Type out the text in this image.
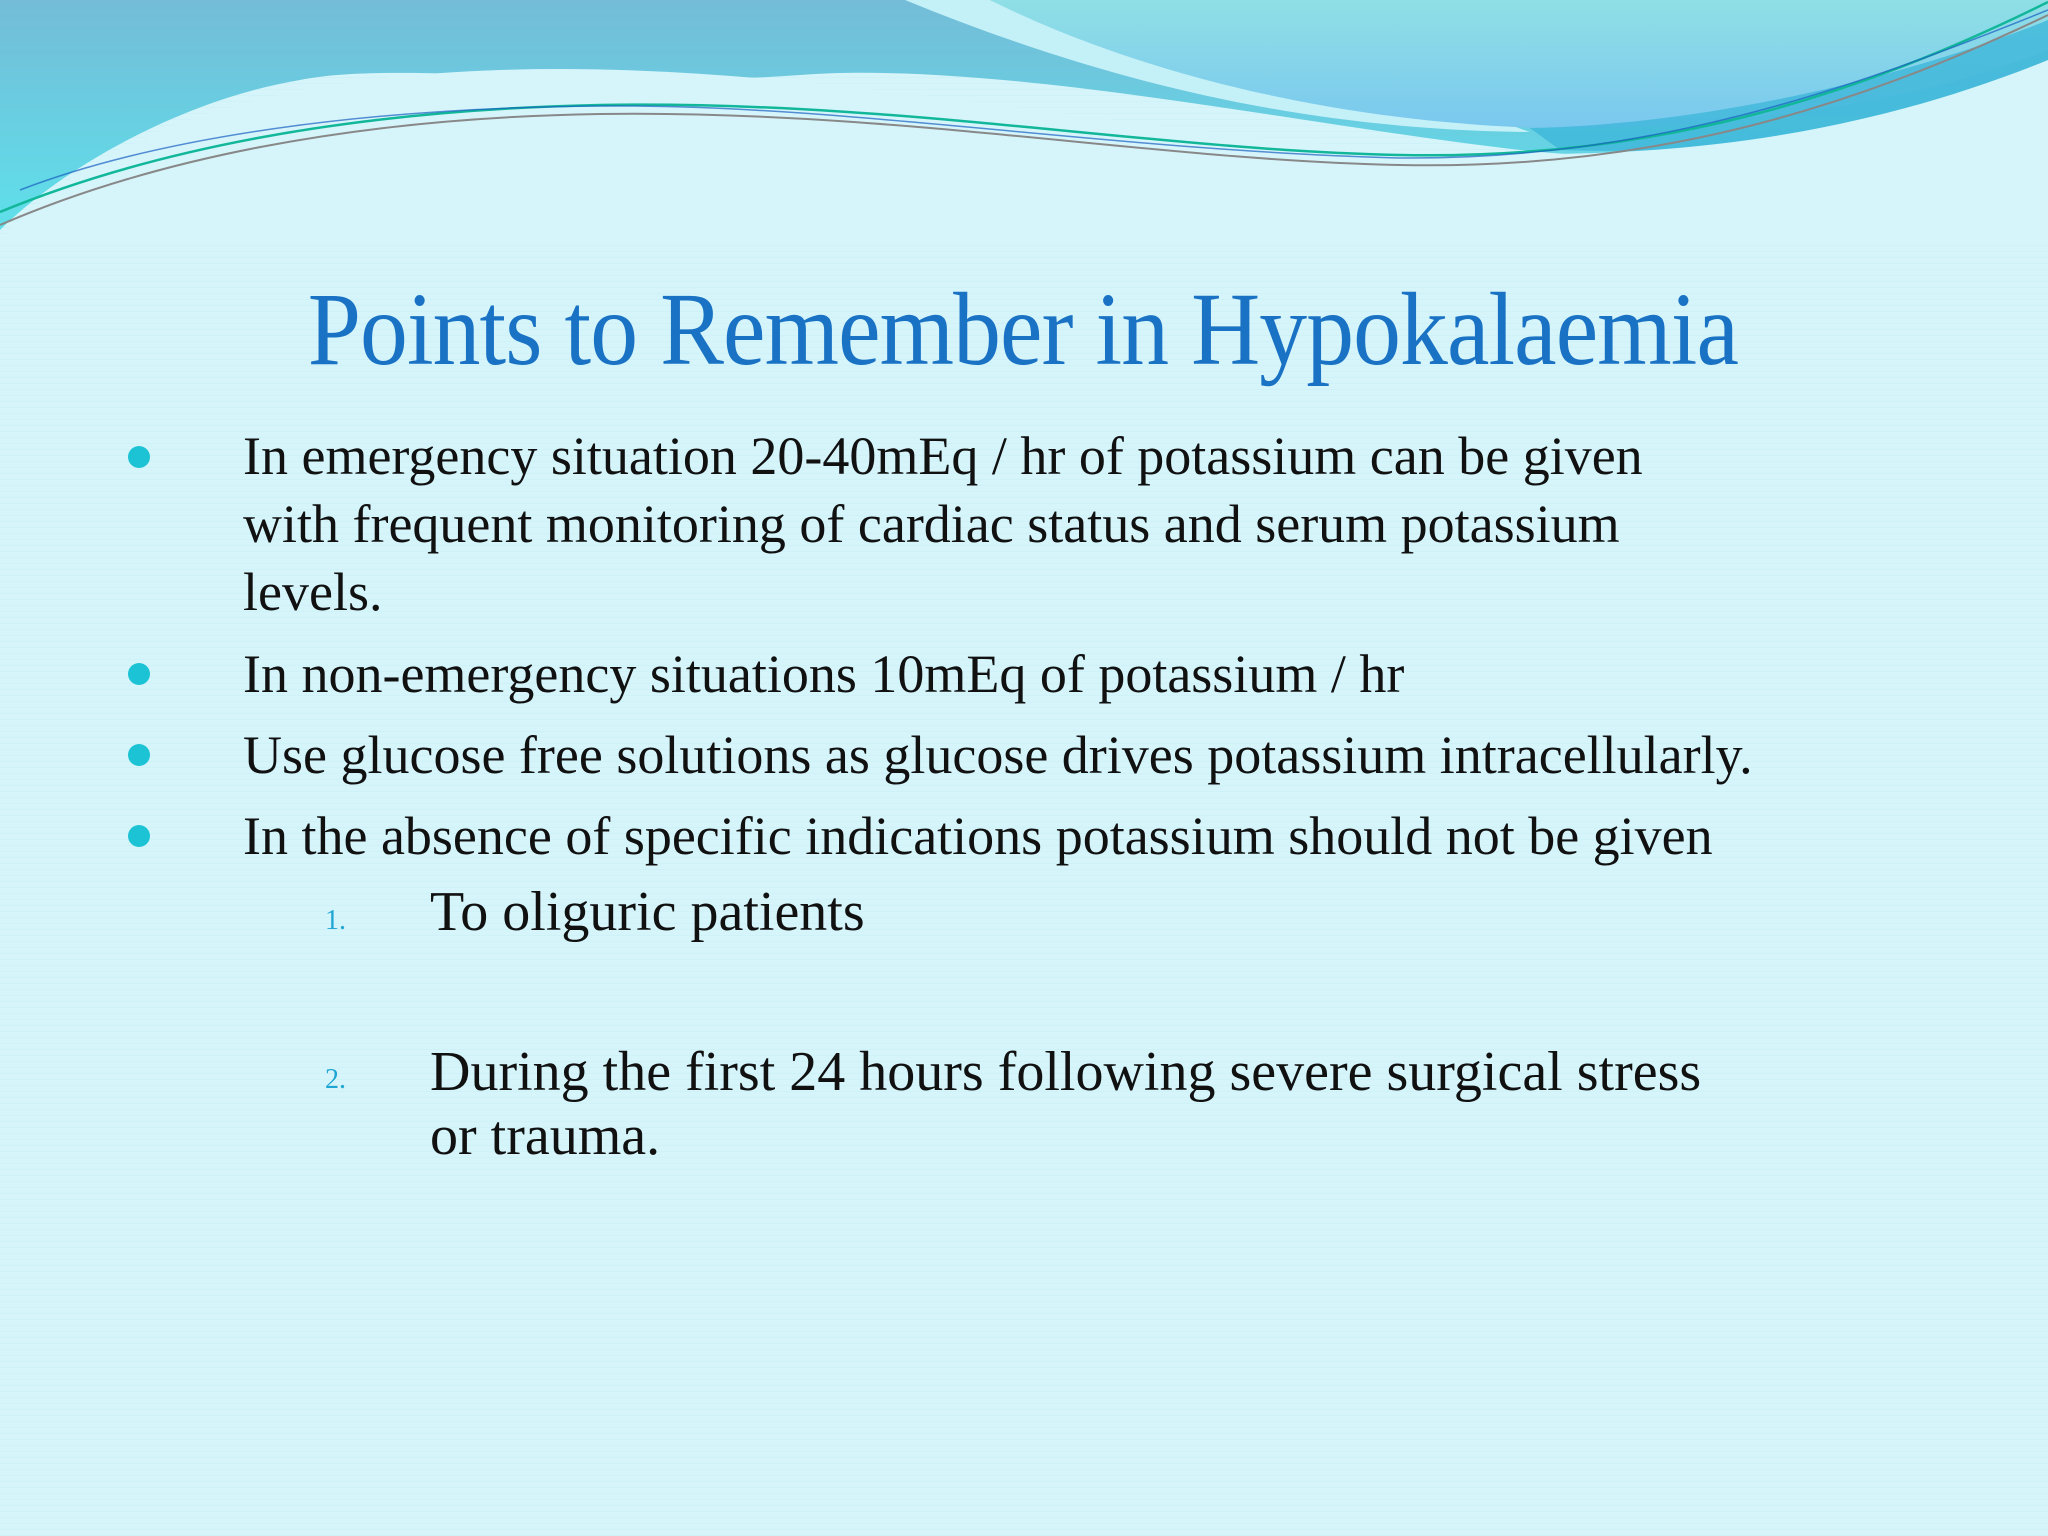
Points to Remember in Hypokalaemia
In emergency situation 20-40mEq / hr of potassium can be given
with frequent monitoring of cardiac status and serum potassium
levels.
In non-emergency situations 10mEq of potassium / hr
Use glucose free solutions as glucose drives potassium intracellularly.
In the absence of specific indications potassium should not be given
1. To oliguric patients
2. During the first 24 hours following severe surgical stress
or trauma.
